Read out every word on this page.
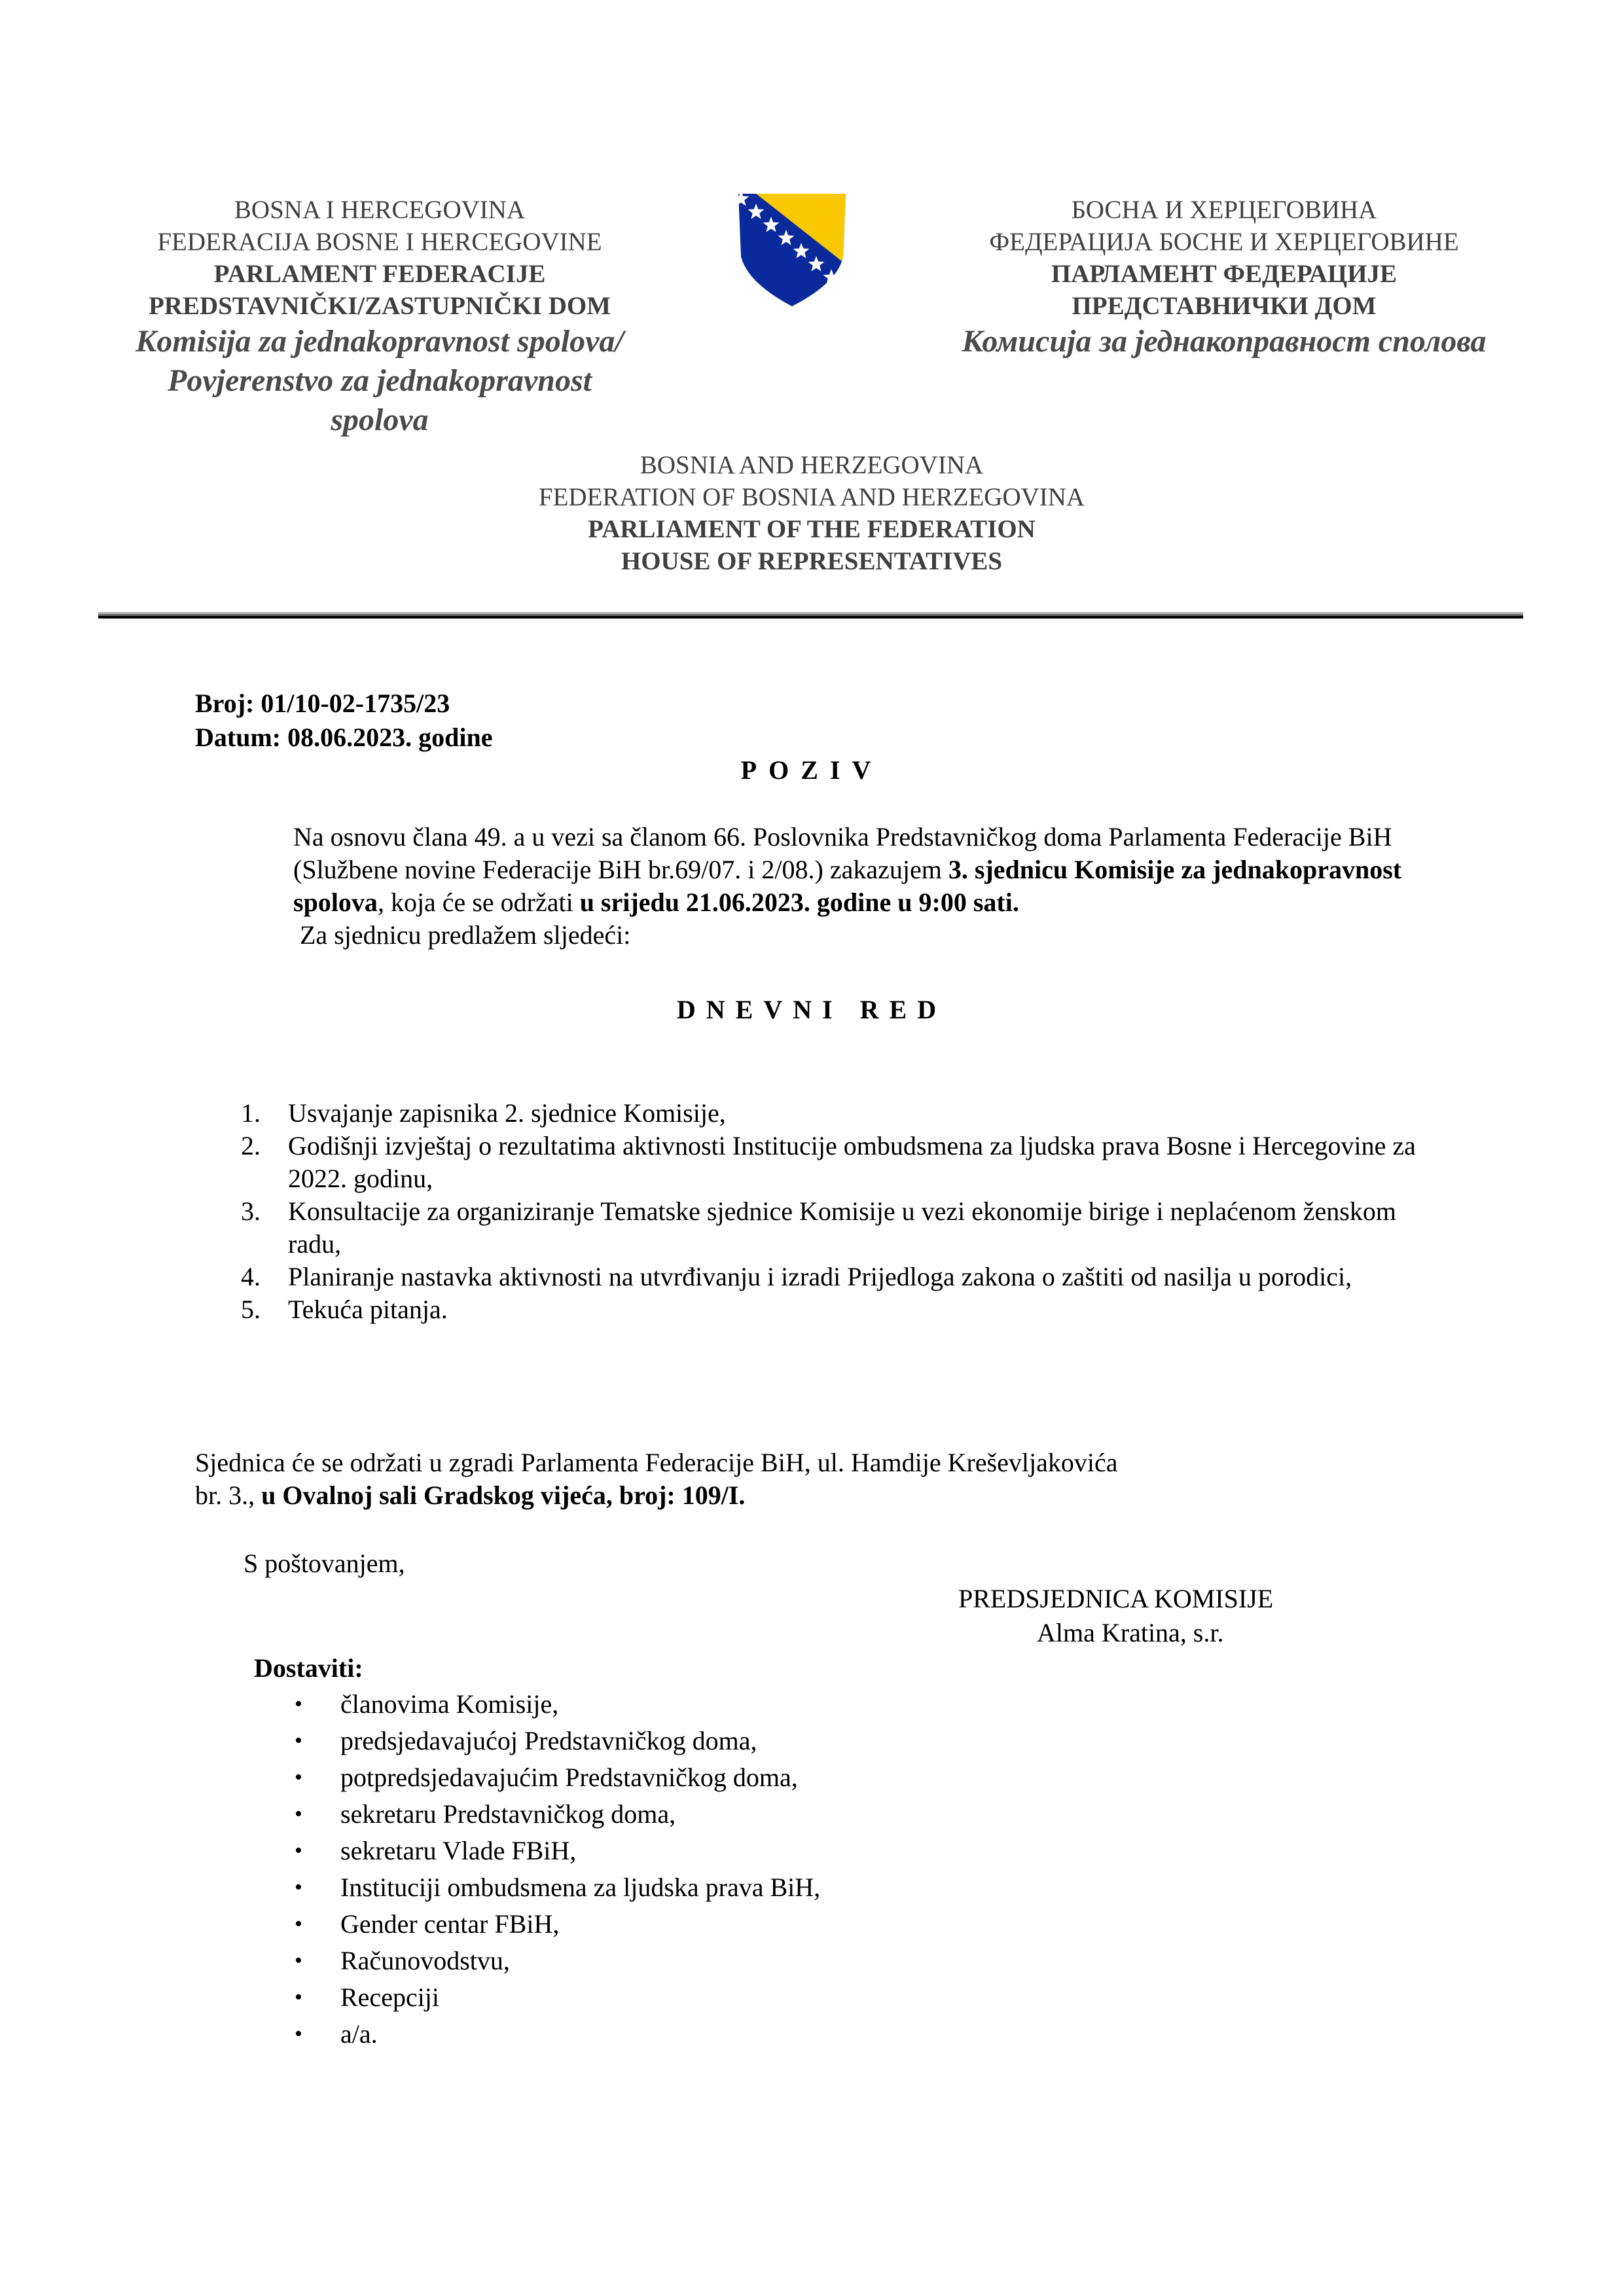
BOSNA I HERCEGOVINA
FEDERACIJA BOSNE I HERCEGOVINE
PARLAMENT FEDERACIJE
PREDSTAVNIČKI/ZASTUPNIČKI DOM
Komisija za jednakopravnost spolova/
Povjerenstvo za jednakopravnost
spolova
БОСНА И ХЕРЦЕГОВИНА
ФЕДЕРАЦИЈА БОСНЕ И ХЕРЦЕГОВИНЕ
ПАРЛАМЕНТ ФЕДЕРАЦИЈЕ
ПРЕДСТАВНИЧКИ ДОМ
Комисија за једнакоправност сполова
BOSNIA AND HERZEGOVINA
FEDERATION OF BOSNIA AND HERZEGOVINA
PARLIAMENT OF THE FEDERATION
HOUSE OF REPRESENTATIVES
Broj: 01/10-02-1735/23
Datum: 08.06.2023. godine
POZIV

Na osnovu člana 49. a u vezi sa članom 66. Poslovnika Predstavničkog doma Parlamenta Federacije BiH (Službene novine Federacije BiH br.69/07. i 2/08.) zakazujem 3. sjednicu Komisije za jednakopravnost spolova, koja će se održati u srijedu 21.06.2023. godine u 9:00 sati.

Za sjednicu predlažem sljedeći:

DNEVNI RED
1. Usvajanje zapisnika 2. sjednice Komisije,
2. Godišnji izvještaj o rezultatima aktivnosti Institucije ombudsmena za ljudska prava Bosne i Hercegovine za 2022. godinu,
3. Konsultacije za organiziranje Tematske sjednice Komisije u vezi ekonomije birige i neplaćenom ženskom radu,
4. Planiranje nastavka aktivnosti na utvrđivanju i izradi Prijedloga zakona o zaštiti od nasilja u porodici,
5. Tekuća pitanja.

Sjednica će se održati u zgradi Parlamenta Federacije BiH, ul. Hamdije Kreševljakovića

br. 3., u Ovalnoj sali Gradskog vijeća, broj: 109/I.

S poštovanjem,
PREDSJEDNICA KOMISIJE
Alma Kratina, s.r.
Dostaviti:
• članovima Komisije,
• predsjedavajućoj Predstavničkog doma,
• potpredsjedavajućim Predstavničkog doma,
• sekretaru Predstavničkog doma,
• sekretaru Vlade FBiH,
• Instituciji ombudsmena za ljudska prava BiH,
• Gender centar FBiH,
• Računovodstvu,
• Recepciji
• a/a.
